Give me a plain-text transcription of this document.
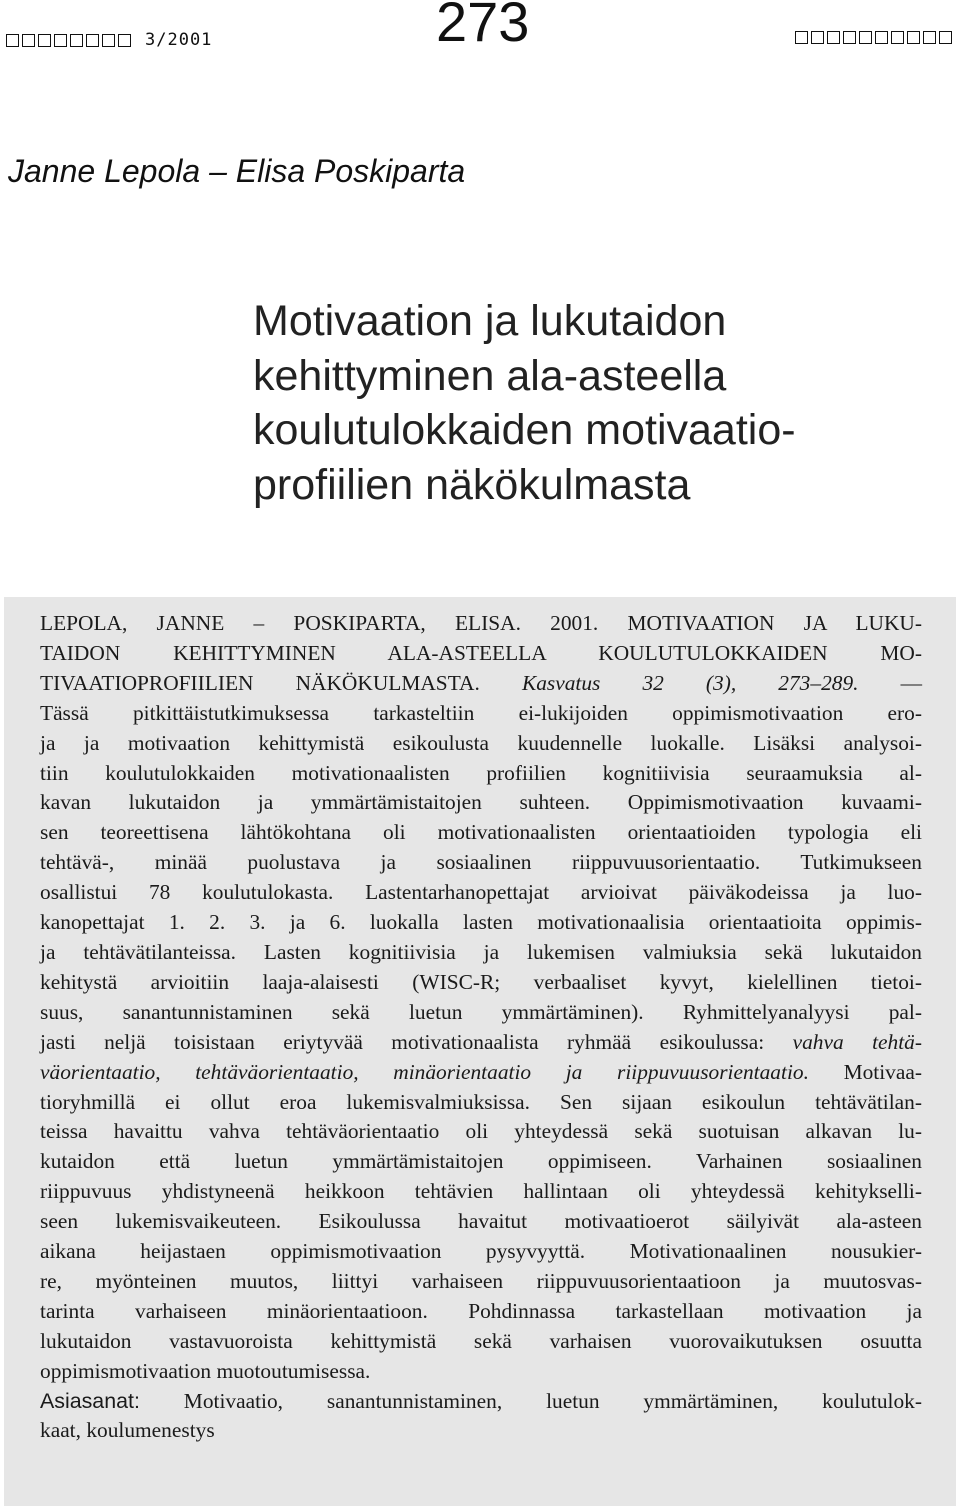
3/2001	273
Janne Lepola – Elisa Poskiparta
Motivaation ja lukutaidon
kehittyminen ala-asteella
koulutulokkaiden motivaatio-
profiilien näkökulmasta
LEPOLA, JANNE – POSKIPARTA, ELISA. 2001. MOTIVAATION JA LUKU-
TAIDON KEHITTYMINEN ALA-ASTEELLA KOULUTULOKKAIDEN MO-
TIVAATIOPROFIILIEN NÄKÖKULMASTA. Kasvatus 32 (3), 273–289. —
Tässä pitkittäistutkimuksessa tarkasteltiin ei-lukijoiden oppimismotivaation ero-
ja ja motivaation kehittymistä esikoulusta kuudennelle luokalle. Lisäksi analysoi-
tiin koulutulokkaiden motivationaalisten profiilien kognitiivisia seuraamuksia al-
kavan lukutaidon ja ymmärtämistaitojen suhteen. Oppimismotivaation kuvaami-
sen teoreettisena lähtökohtana oli motivationaalisten orientaatioiden typologia eli
tehtävä-, minää puolustava ja sosiaalinen riippuvuusorientaatio. Tutkimukseen
osallistui 78 koulutulokasta. Lastentarhanopettajat arvioivat päiväkodeissa ja luo-
kanopettajat 1. 2. 3. ja 6. luokalla lasten motivationaalisia orientaatioita oppimis-
ja tehtävätilanteissa. Lasten kognitiivisia ja lukemisen valmiuksia sekä lukutaidon
kehitystä arvioitiin laaja-alaisesti (WISC-R; verbaaliset kyvyt, kielellinen tietoi-
suus, sanantunnistaminen sekä luetun ymmärtäminen). Ryhmittelyanalyysi pal-
jasti neljä toisistaan eriytyvää motivationaalista ryhmää esikoulussa: vahva tehtä-
väorientaatio, tehtäväorientaatio, minäorientaatio ja riippuvuusorientaatio. Motivaa-
tioryhmillä ei ollut eroa lukemisvalmiuksissa. Sen sijaan esikoulun tehtävätilan-
teissa havaittu vahva tehtäväorientaatio oli yhteydessä sekä suotuisan alkavan lu-
kutaidon että luetun ymmärtämistaitojen oppimiseen. Varhainen sosiaalinen
riippuvuus yhdistyneenä heikkoon tehtävien hallintaan oli yhteydessä kehitykselli-
seen lukemisvaikeuteen. Esikoulussa havaitut motivaatioerot säilyivät ala-asteen
aikana heijastaen oppimismotivaation pysyvyyttä. Motivationaalinen nousukier-
re, myönteinen muutos, liittyi varhaiseen riippuvuusorientaatioon ja muutosvas-
tarinta varhaiseen minäorientaatioon. Pohdinnassa tarkastellaan motivaation ja
lukutaidon vastavuoroista kehittymistä sekä varhaisen vuorovaikutuksen osuutta
oppimismotivaation muotoutumisessa.
Asiasanat: Motivaatio, sanantunnistaminen, luetun ymmärtäminen, koulutulok-
kaat, koulumenestys
